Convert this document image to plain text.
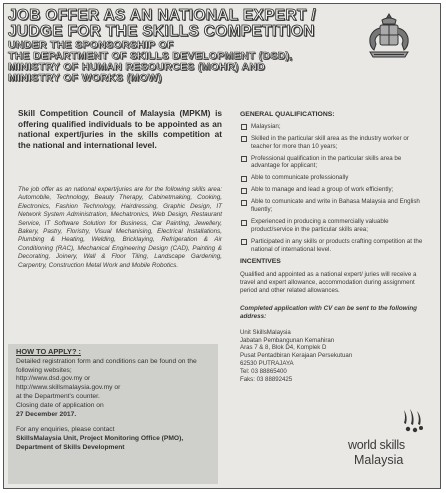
JOB OFFER AS AN NATIONAL EXPERT /
JUDGE FOR THE SKILLS COMPETITION
UNDER THE SPONSORSHIP OF
THE DEPARTMENT OF SKILLS DEVELOPMENT (DSD),
MINISTRY OF HUMAN RESOURCES (MOHR) AND
MINISTRY OF WORKS (MOW)
Skill Competition Council of Malaysia (MPKM) is offering qualified individuals to be appointed as an national expert/juries in the skills competition at the national and international level.
The job offer as an national expert/juries are for the following skills area: Automobile, Technology, Beauty Therapy, Cabinetmaking, Cooking, Electronics, Fashion Technology, Hairdressing, Graphic Design, IT Network System Administration, Mechatronics, Web Design, Restaurant Service, IT Software Solution for Business, Car Painting, Jewellery, Bakery, Pastry, Floristry, Visual Mechanising, Electrical Installations, Plumbing & Heating, Welding, Bricklaying, Refrigeration & Air Conditioning (RAC), Mechanical Engineering Design (CAD), Painting & Decorating, Joinery, Wall & Floor Tiling, Landscape Gardening, Carpentry, Construction Metal Work and Mobile Robotics.
HOW TO APPLY? :
Detailed registration form and conditions can be found on the following websites;
http://www.dsd.gov.my or
http://www.skillsmalaysia.gov.my or
at the Department's counter.
Closing date of application on
27 December 2017.
For any enquiries, please contact
SkillsMalaysia Unit, Project Monitoring Office (PMO), Department of Skills Development
GENERAL QUALIFICATIONS:
Malaysian;
Skilled in the particular skill area as the industry worker or teacher for more than 10 years;
Professional qualification in the particular skills area be advantage for applicant;
Able to communicate professionally
Able to manage and lead a group of work efficiently;
Able to comunicate and write in Bahasa Malaysia and English fluently;
Experienced in producing a commercially valuable product/service in the particular skills area;
Participated in any skills or products crafting competition at the national of international level.
INCENTIVES
Qualified and appointed as a national expert/ juries will receive a travel and expert allowance, accommodation during assignment period and other related allowances.
Completed application with CV can be sent to the following address:
Unit SkillsMalaysia
Jabatan Pembangunan Kemahiran
Aras 7 & 8, Blok D4, Komplek D
Pusat Pentadbiran Kerajaan Persekutuan
62530 PUTRAJAYA
Tel: 03 88865400
Faks: 03 88892425
world skills
Malaysia
